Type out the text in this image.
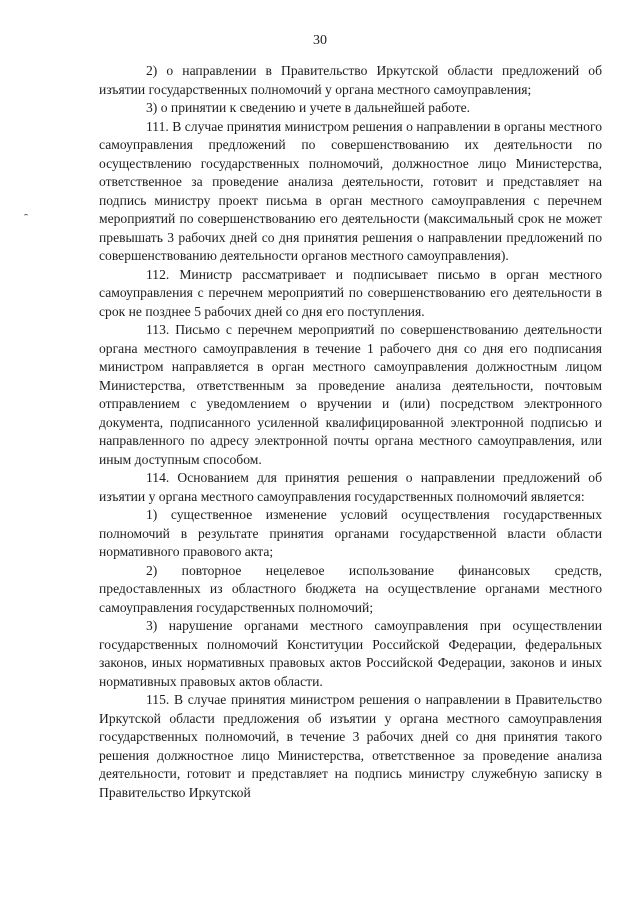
30

2) о направлении в Правительство Иркутской области предложений об изъятии государственных полномочий у органа местного самоуправления;

3) о принятии к сведению и учете в дальнейшей работе.

111. В случае принятия министром решения о направлении в органы местного самоуправления предложений по совершенствованию их деятельности по осуществлению государственных полномочий, должностное лицо Министерства, ответственное за проведение анализа деятельности, готовит и представляет на подпись министру проект письма в орган местного самоуправления с перечнем мероприятий по совершенствованию его деятельности (максимальный срок не может превышать 3 рабочих дней со дня принятия решения о направлении предложений по совершенствованию деятельности органов местного самоуправления).

112. Министр рассматривает и подписывает письмо в орган местного самоуправления с перечнем мероприятий по совершенствованию его деятельности в срок не позднее 5 рабочих дней со дня его поступления.

113. Письмо с перечнем мероприятий по совершенствованию деятельности органа местного самоуправления в течение 1 рабочего дня со дня его подписания министром направляется в орган местного самоуправления должностным лицом Министерства, ответственным за проведение анализа деятельности, почтовым отправлением с уведомлением о вручении и (или) посредством электронного документа, подписанного усиленной квалифицированной электронной подписью и направленного по адресу электронной почты органа местного самоуправления, или иным доступным способом.

114. Основанием для принятия решения о направлении предложений об изъятии у органа местного самоуправления государственных полномочий является:

1) существенное изменение условий осуществления государственных полномочий в результате принятия органами государственной власти области нормативного правового акта;

2) повторное нецелевое использование финансовых средств, предоставленных из областного бюджета на осуществление органами местного самоуправления государственных полномочий;

3) нарушение органами местного самоуправления при осуществлении государственных полномочий Конституции Российской Федерации, федеральных законов, иных нормативных правовых актов Российской Федерации, законов и иных нормативных правовых актов области.

115. В случае принятия министром решения о направлении в Правительство Иркутской области предложения об изъятии у органа местного самоуправления государственных полномочий, в течение 3 рабочих дней со дня принятия такого решения должностное лицо Министерства, ответственное за проведение анализа деятельности, готовит и представляет на подпись министру служебную записку в Правительство Иркутской
